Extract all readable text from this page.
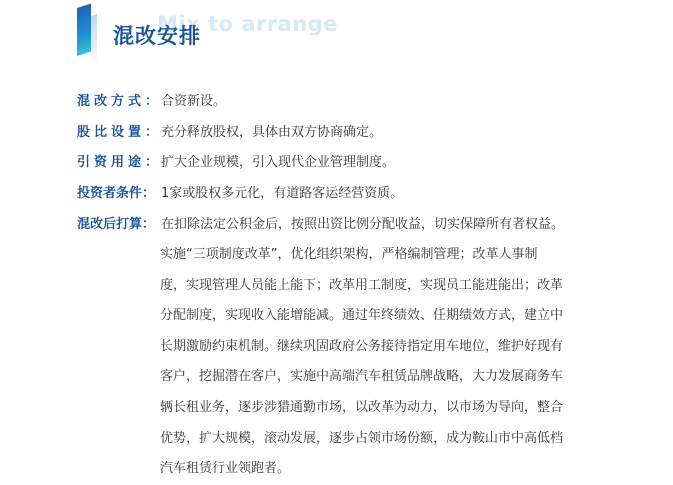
Mix to arrange
混改安排
混改方式：合资新设。
股比设置：充分释放股权，具体由双方协商确定。
引资用途：扩大企业规模，引入现代企业管理制度。
投资者条件： 1家或股权多元化，有道路客运经营资质。
混改后打算： 在扣除法定公积金后，按照出资比例分配收益，切实保障所有者权益。
实施“三项制度改革”，优化组织架构，严格编制管理；改革人事制
度，实现管理人员能上能下；改革用工制度，实现员工能进能出；改革
分配制度，实现收入能增能减。通过年终绩效、任期绩效方式，建立中
长期激励约束机制。继续巩固政府公务接待指定用车地位，维护好现有
客户，挖掘潜在客户，实施中高端汽车租赁品牌战略，大力发展商务车
辆长租业务，逐步涉猎通勤市场，以改革为动力，以市场为导向，整合
优势，扩大规模，滚动发展，逐步占领市场份额，成为鞍山市中高低档
汽车租赁行业领跑者。
